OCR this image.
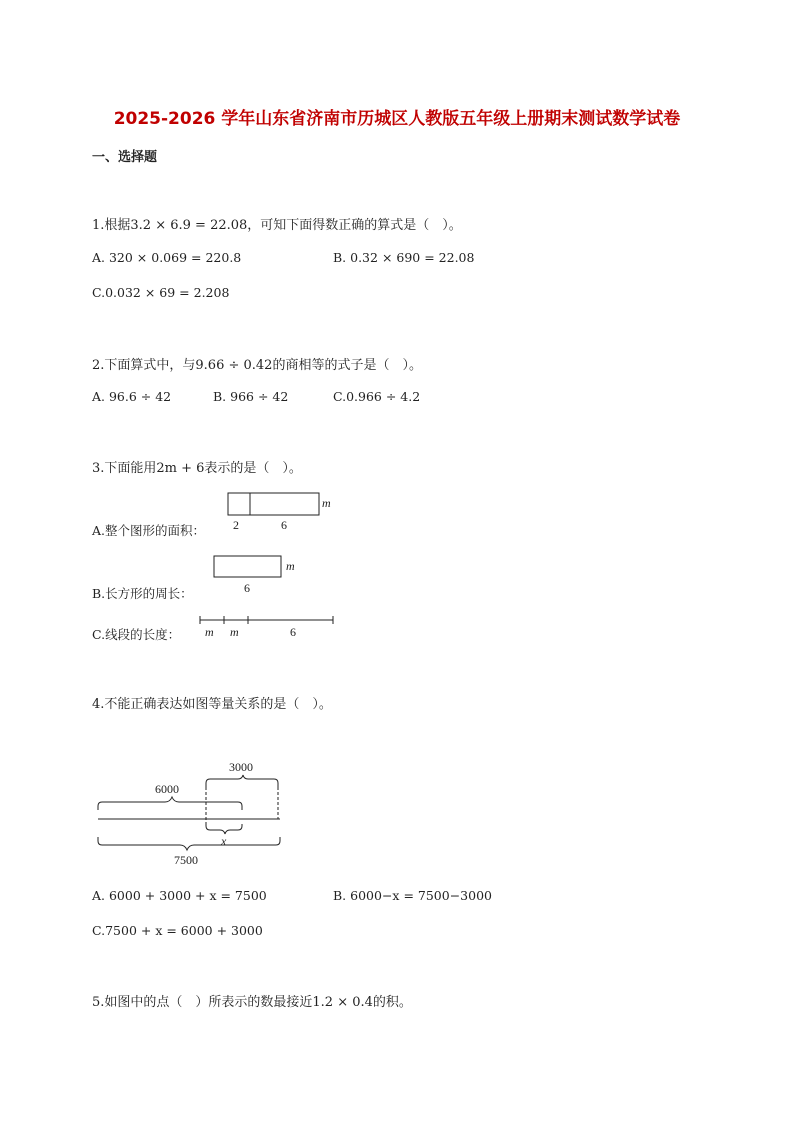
2025-2026 学年山东省济南市历城区人教版五年级上册期末测试数学试卷
一、选择题
1.根据3.2 × 6.9 = 22.08，可知下面得数正确的算式是（　）。
A. 320 × 0.069 = 220.8	B. 0.32 × 690 = 22.08
C.0.032 × 69 = 2.208
2.下面算式中，与9.66 ÷ 0.42的商相等的式子是（　）。
A. 96.6 ÷ 42	B. 966 ÷ 42	C.0.966 ÷ 4.2
3.下面能用2m + 6表示的是（　）。
A.整个图形的面积： 2	6
m
B.长方形的周长：	6
m
C.线段的长度： m m	6
4.不能正确表达如图等量关系的是（　）。
6000
3000
x
7500
A. 6000 + 3000 + x = 7500	B. 6000−x = 7500−3000
C.7500 + x = 6000 + 3000
5.如图中的点（　）所表示的数最接近1.2 × 0.4的积。
